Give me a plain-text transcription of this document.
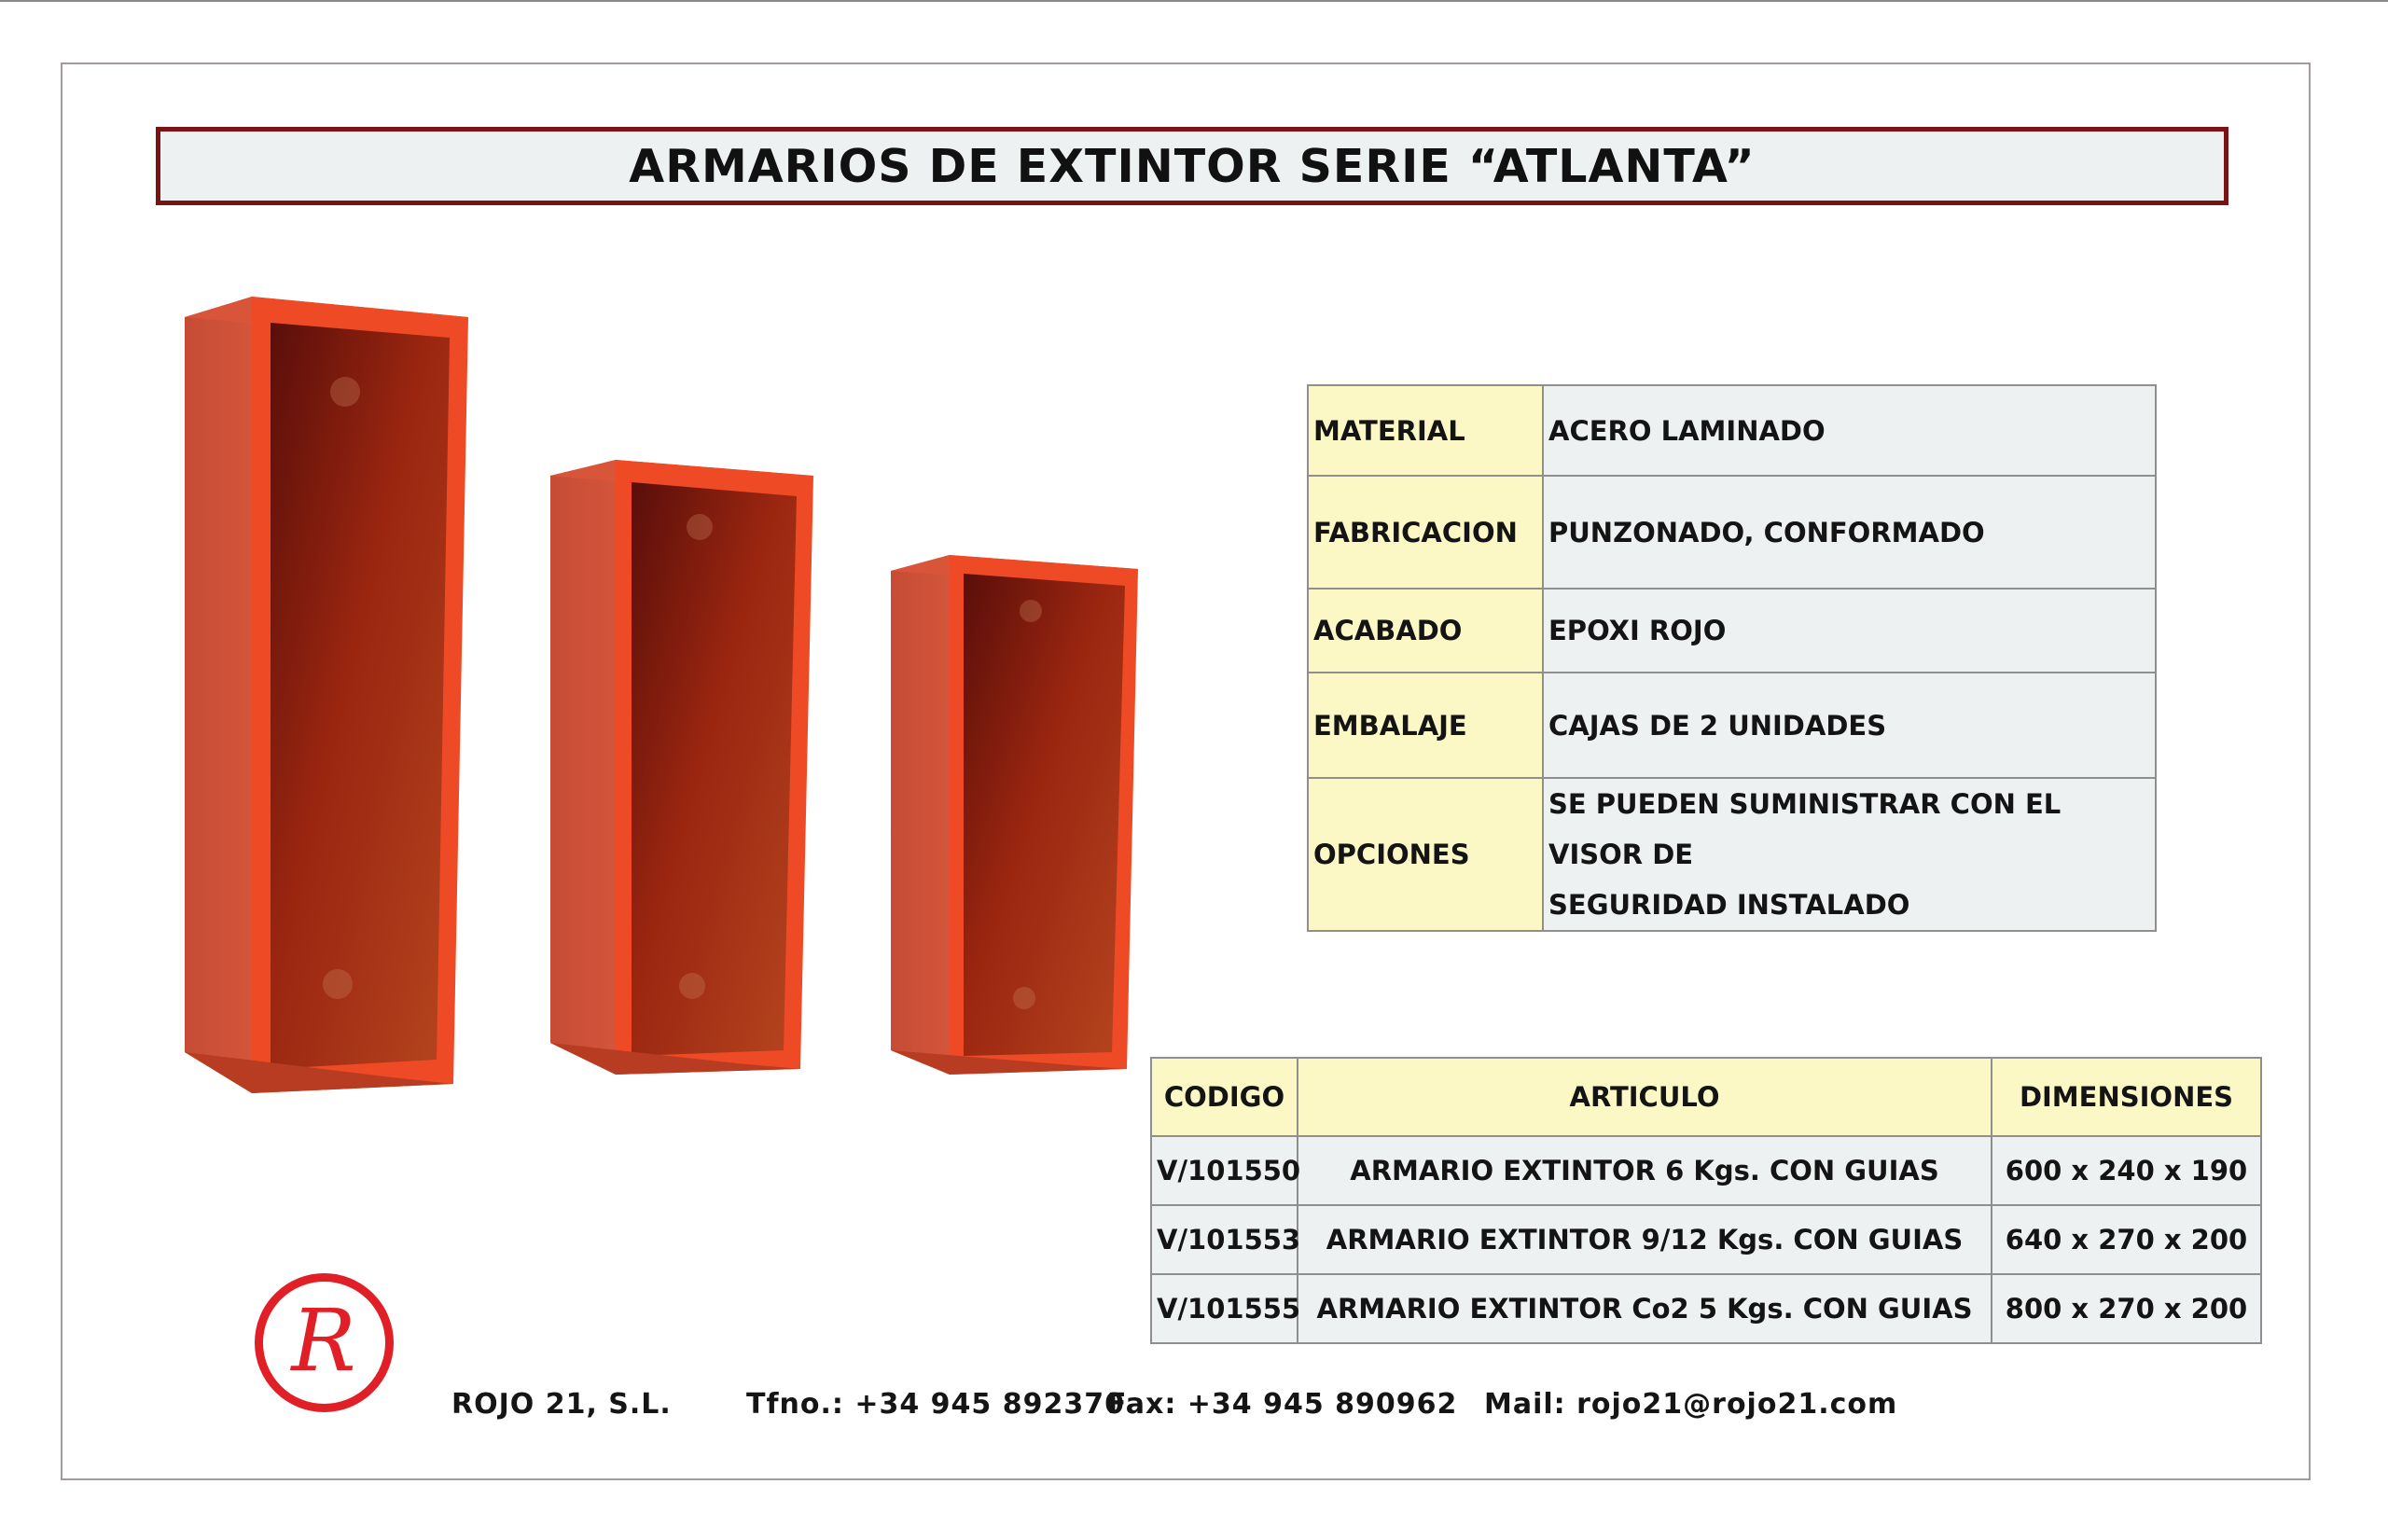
ARMARIOS DE EXTINTOR SERIE “ATLANTA”
MATERIAL	ACERO LAMINADO
FABRICACION	PUNZONADO, CONFORMADO
ACABADO	EPOXI ROJO
EMBALAJE	CAJAS DE 2 UNIDADES
OPCIONES	SE PUEDEN SUMINISTRAR CON EL VISOR DE
SEGURIDAD INSTALADO
CODIGO	ARTICULO	DIMENSIONES
V/101550	ARMARIO EXTINTOR 6 Kgs. CON GUIAS	600 x 240 x 190
V/101553	ARMARIO EXTINTOR 9/12 Kgs. CON GUIAS	640 x 270 x 200
V/101555	ARMARIO EXTINTOR Co2 5 Kgs. CON GUIAS	800 x 270 x 200
R
ROJO 21, S.L.	Tfno.: +34 945 892370
Fax: +34 945 890962 Mail: rojo21@rojo21.com
